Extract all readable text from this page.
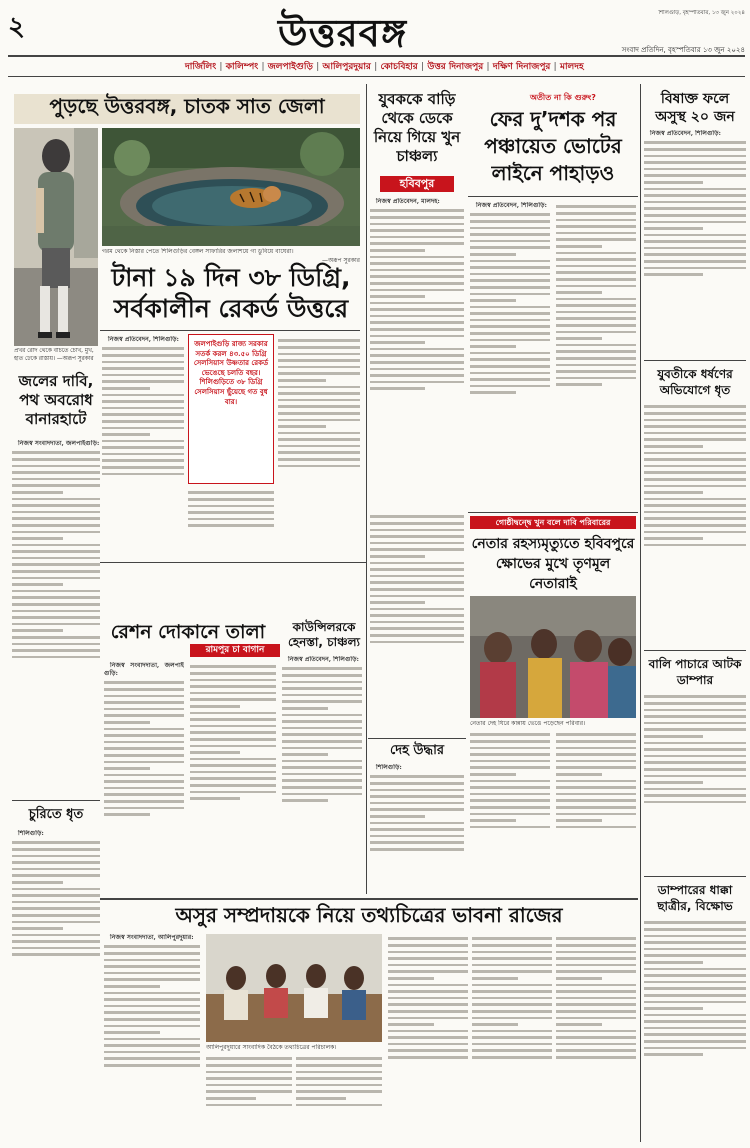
২	উত্তরবঙ্গ	শিলিগুড়ি, বৃহস্পতিবার, ১৩ জুন ২০২৪
সংবাদ প্রতিদিন, বৃহস্পতিবার ১৩ জুন ২০২৪
দার্জিলিং | কালিম্পং | জলপাইগুড়ি | আলিপুরদুয়ার | কোচবিহার | উত্তর দিনাজপুর | দক্ষিণ দিনাজপুর | মালদহ
পুড়ছে উত্তরবঙ্গ, চাতক সাত জেলা
প্রখর রোদ থেকে বাঁচতে চোখ, মুখ, হাত ঢেকে রাস্তায়। —অরূপ সুরকার
গরম থেকে নিস্তার পেতে শিলিগুড়ির বেঙ্গল সাফারির জলাশয়ে গা ডুবিয়ে বাঘেরা।
—অরূপ সুরকার
টানা ১৯ দিন ৩৮ ডিগ্রি, সর্বকালীন রেকর্ড উত্তরে

নিজস্ব প্রতিবেদন, শিলিগুড়ি:	জলপাইগুড়ি রাজ্য সরকার সতর্ক করল ৪৩.৫০ ডিগ্রি সেলসিয়াস উষ্ণতার রেকর্ড ভেঙেছে চলতি বছর। শিলিগুড়িতে ৩৮ ডিগ্রি সেলসিয়াস ছুঁয়েছে গত বুধবার।
জলের দাবি, পথ অবরোধ বানারহাটে

নিজস্ব সংবাদদাতা, জলপাইগুড়ি:

চুরিতে ধৃত

শিলিগুড়ি:

রেশন দোকানে তালা
রামপুর চা বাগান

নিজস্ব সংবাদদাতা, জলপাইগুড়ি:

কাউন্সিলরকে হেনস্তা, চাঞ্চল্য

নিজস্ব প্রতিবেদন, শিলিগুড়ি:

যুবককে বাড়ি থেকে ডেকে নিয়ে গিয়ে খুন চাঞ্চল্য
হবিবপুর

নিজস্ব প্রতিবেদন, মালদহ:

অতীত না কি গুরুং?
ফের দু’দশক পর পঞ্চায়েত ভোটের লাইনে পাহাড়ও

নিজস্ব প্রতিবেদন, শিলিগুড়ি:

গোষ্ঠীদ্বন্দ্বে খুন বলে দাবি পরিবারের
নেতার রহস্যমৃত্যুতে হবিবপুরে ক্ষোভের মুখে তৃণমূল নেতারাই
নেতার দেহ ঘিরে কান্নায় ভেঙে পড়েছেন পরিবার।
দেহ উদ্ধার

শিলিগুড়ি:

বিষাক্ত ফলে অসুস্থ ২০ জন

নিজস্ব প্রতিবেদন, শিলিগুড়ি:

যুবতীকে ধর্ষণের অভিযোগে ধৃত
বালি পাচারে আটক ডাম্পার
ডাম্পারের ধাক্কা ছাত্রীর, বিক্ষোভ
অসুর সম্প্রদায়কে নিয়ে তথ্যচিত্রের ভাবনা রাজের

নিজস্ব সংবাদদাতা, আলিপুরদুয়ার:

আলিপুরদুয়ারে সাংবাদিক বৈঠকে তথ্যচিত্রের পরিচালক।
